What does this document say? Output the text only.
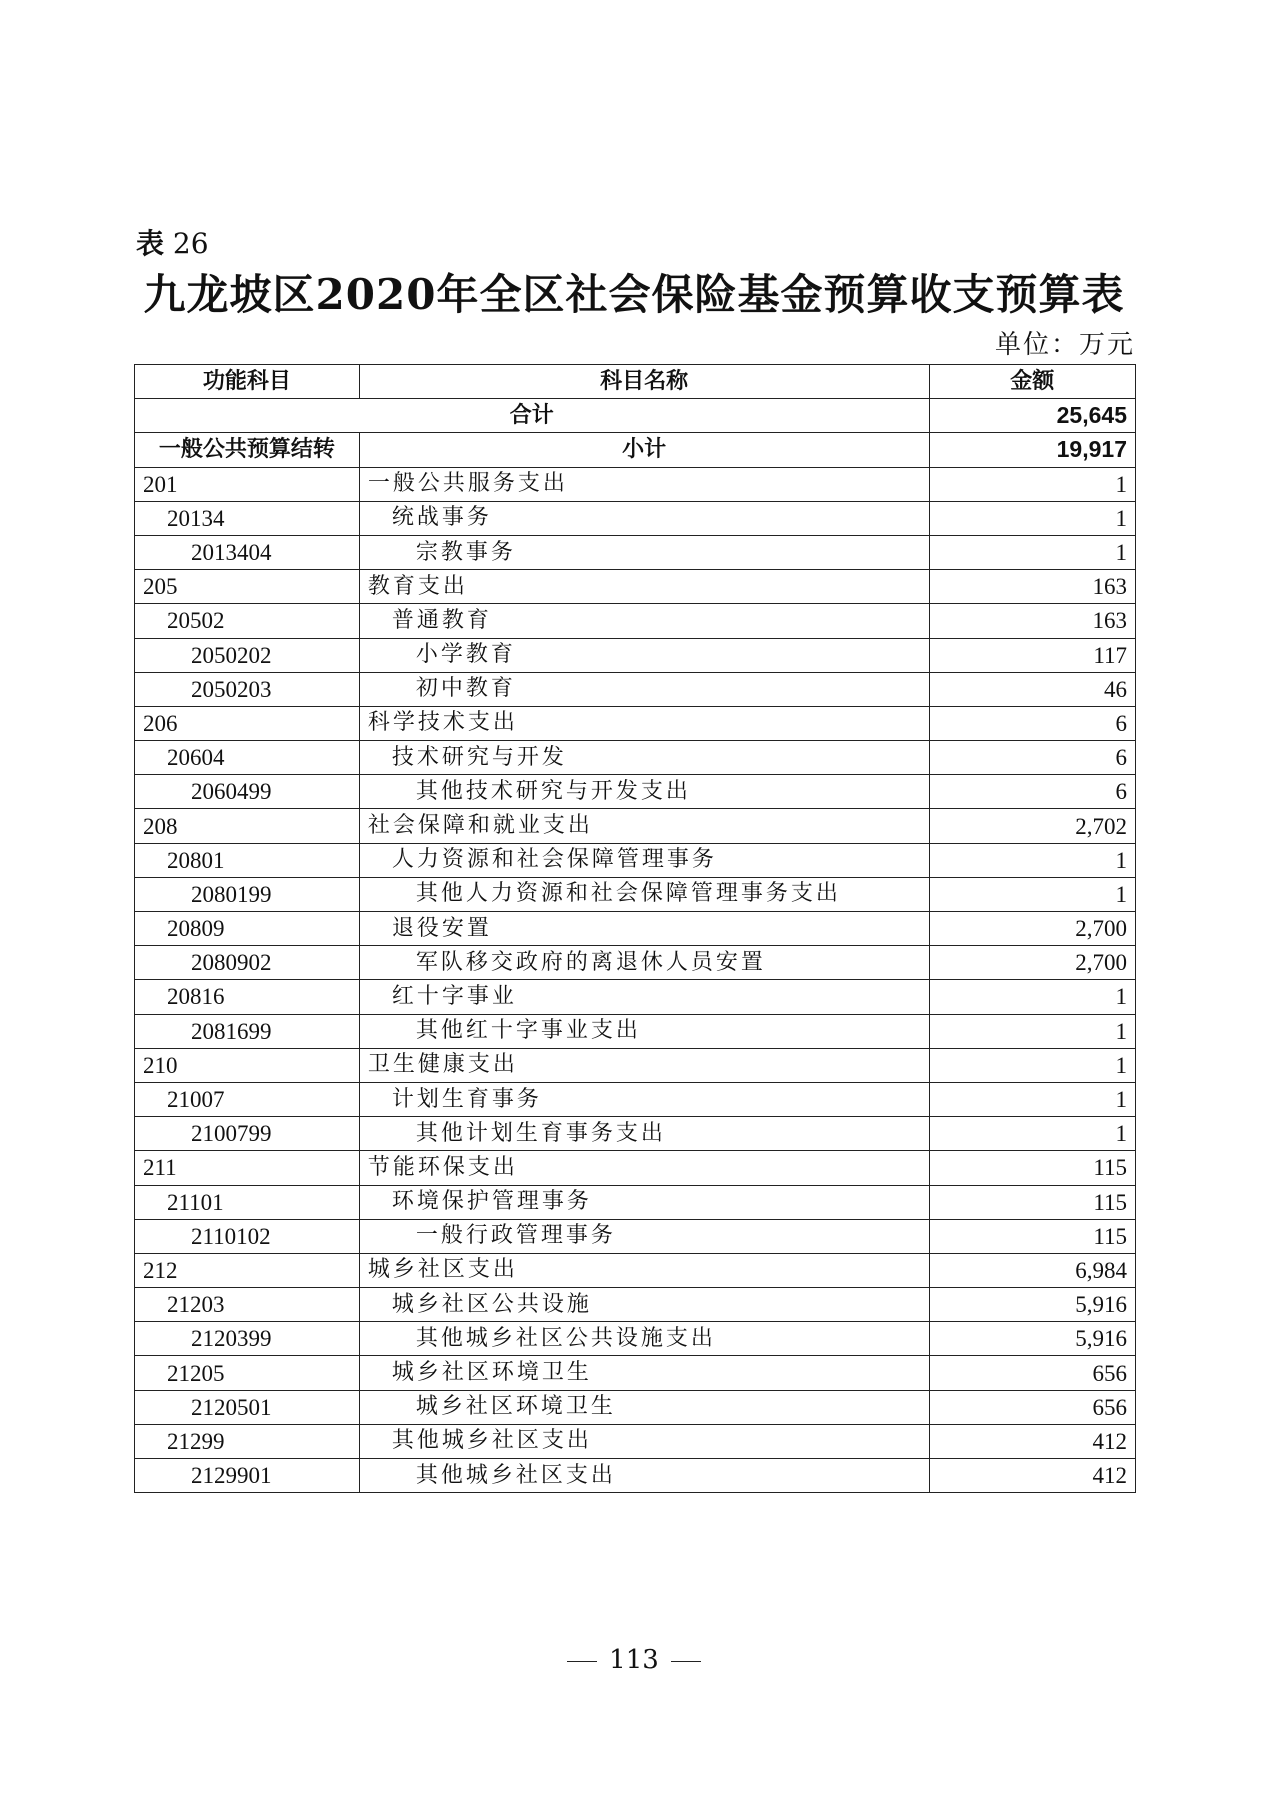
表 26
九龙坡区2020年全区社会保险基金预算收支预算表
单位：万元
功能科目	科目名称	金额
合计		25,645
一般公共预算结转	小计	19,917
201	一般公共服务支出	1
20134	统战事务	1
2013404	宗教事务	1
205	教育支出	163
20502	普通教育	163
2050202	小学教育	117
2050203	初中教育	46
206	科学技术支出	6
20604	技术研究与开发	6
2060499	其他技术研究与开发支出	6
208	社会保障和就业支出	2,702
20801	人力资源和社会保障管理事务	1
2080199	其他人力资源和社会保障管理事务支出	1
20809	退役安置	2,700
2080902	军队移交政府的离退休人员安置	2,700
20816	红十字事业	1
2081699	其他红十字事业支出	1
210	卫生健康支出	1
21007	计划生育事务	1
2100799	其他计划生育事务支出	1
211	节能环保支出	115
21101	环境保护管理事务	115
2110102	一般行政管理事务	115
212	城乡社区支出	6,984
21203	城乡社区公共设施	5,916
2120399	其他城乡社区公共设施支出	5,916
21205	城乡社区环境卫生	656
2120501	城乡社区环境卫生	656
21299	其他城乡社区支出	412
2129901	其他城乡社区支出	412
113
